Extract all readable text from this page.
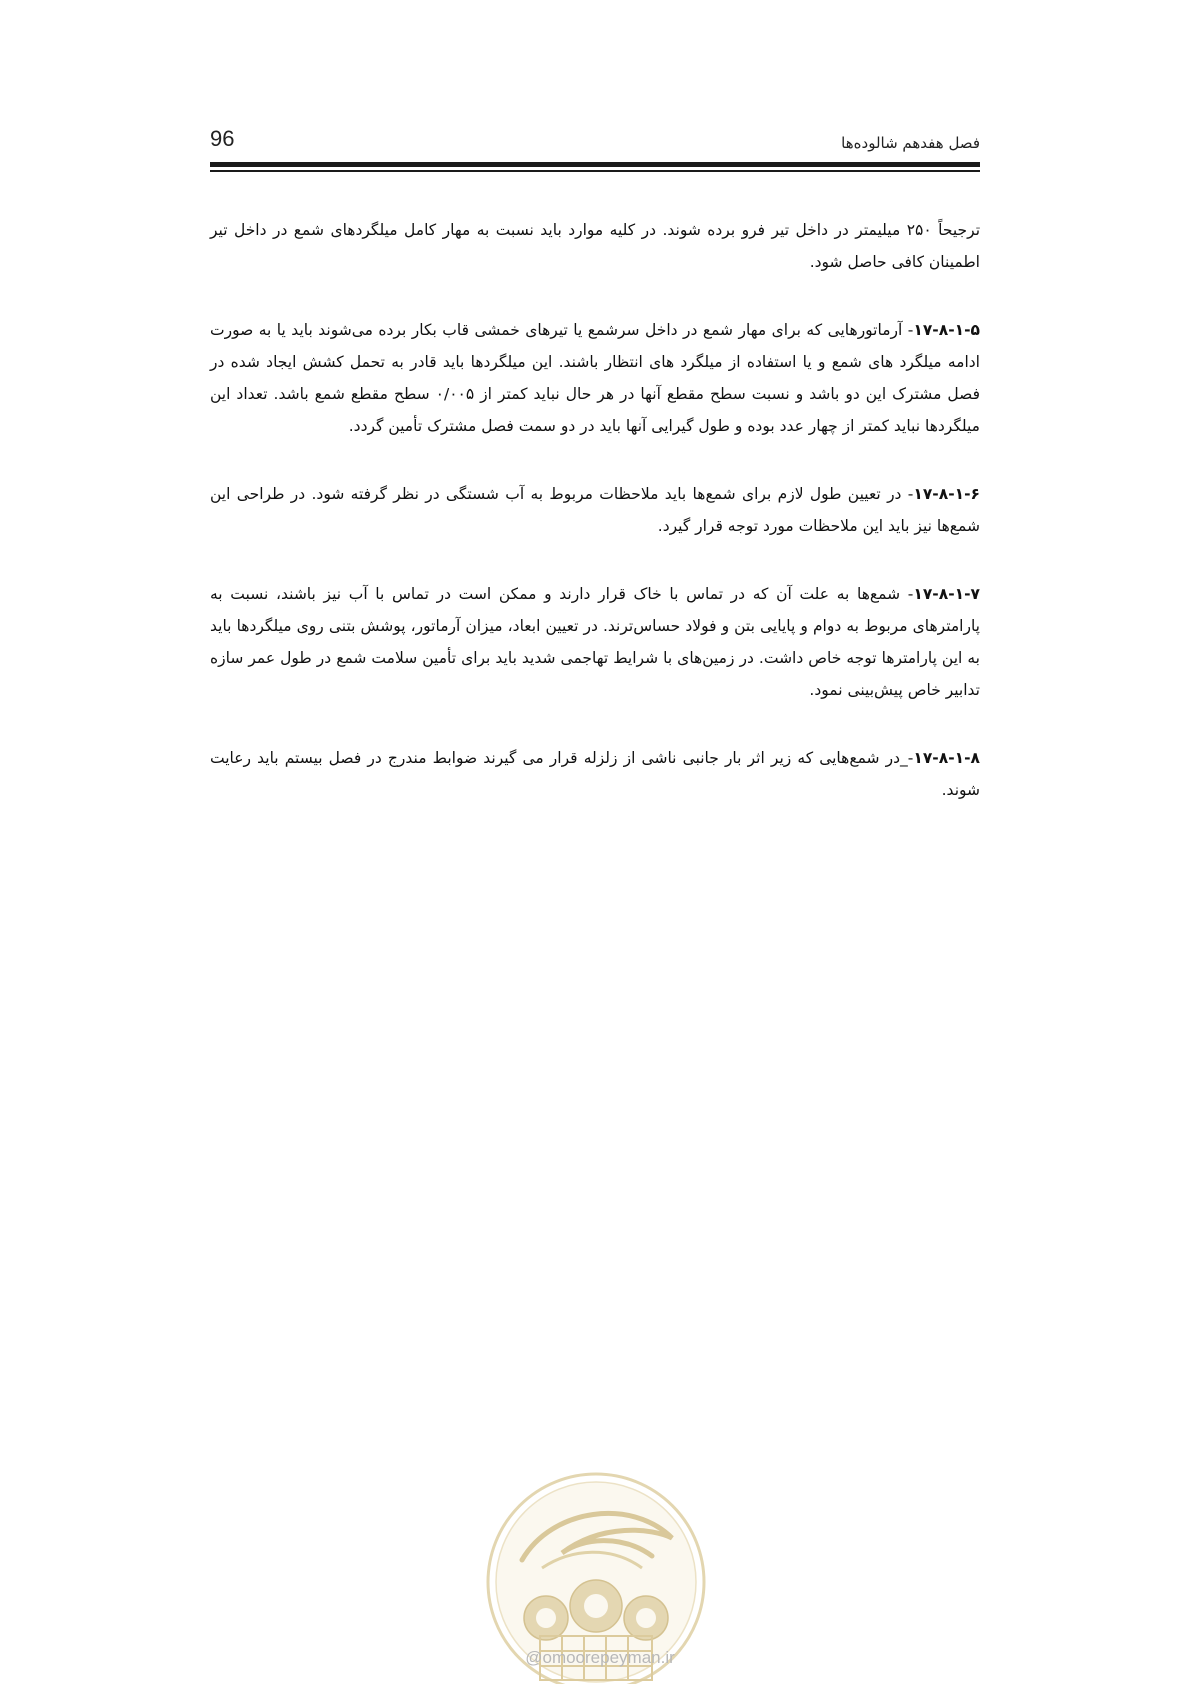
96	فصل هفدهم شالوده‌ها

ترجیحاً ۲۵۰ میلیمتر در داخل تیر فرو برده شوند. در کلیه موارد باید نسبت به مهار کامل میلگردهای شمع در داخل تیر اطمینان کافی حاصل شود.

۱۷-۸-۱-۵- آرماتورهایی که برای مهار شمع در داخل سرشمع یا تیرهای خمشی قاب بکار برده می‌شوند باید یا به صورت ادامه میلگرد های شمع و یا استفاده از میلگرد های انتظار باشند. این میلگردها باید قادر به تحمل کشش ایجاد شده در فصل مشترک این دو باشد و نسبت سطح مقطع آنها در هر حال نباید کمتر از ۰/۰۰۵ سطح مقطع شمع باشد. تعداد این میلگردها نباید کمتر از چهار عدد بوده و طول گیرایی آنها باید در دو سمت فصل مشترک تأمین گردد.

۱۷-۸-۱-۶- در تعیین طول لازم برای شمع‌ها باید ملاحظات مربوط به آب شستگی در نظر گرفته شود. در طراحی این شمع‌ها نیز باید این ملاحظات مورد توجه قرار گیرد.

۱۷-۸-۱-۷- شمع‌ها به علت آن که در تماس با خاک قرار دارند و ممکن است در تماس با آب نیز باشند، نسبت به پارامترهای مربوط به دوام و پایایی بتن و فولاد حساس‌ترند. در تعیین ابعاد، میزان آرماتور، پوشش بتنی روی میلگردها باید به این پارامترها توجه خاص داشت. در زمین‌های با شرایط تهاجمی شدید باید برای تأمین سلامت شمع در طول عمر سازه تدابیر خاص پیش‌بینی نمود.

۱۷-۸-۱-۸-_در شمع‌هایی که زیر اثر بار جانبی ناشی از زلزله قرار می گیرند ضوابط مندرج در فصل بیستم باید رعایت شوند.

@omoorepeyman.ir
